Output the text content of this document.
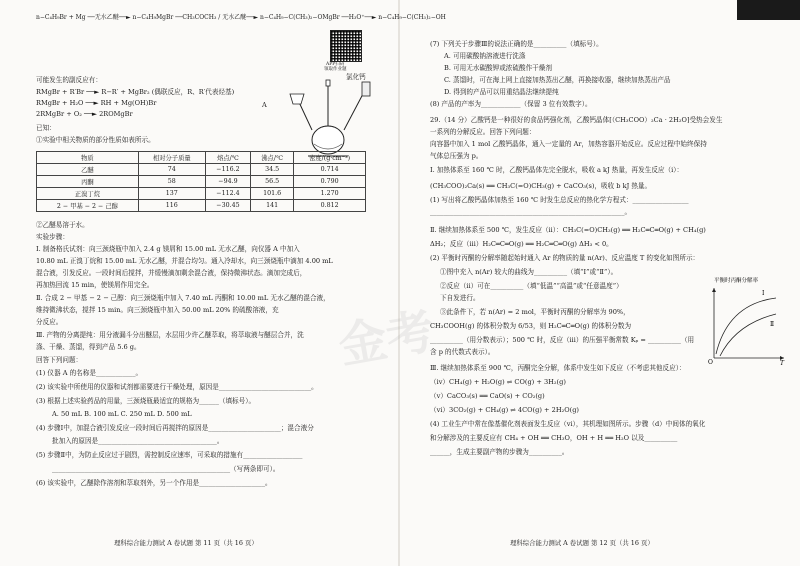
n−C₄H₉Br + Mg ──无水乙醚──► n−C₄H₉MgBr ──CH₃COCH₃ / 无水乙醚──► n−C₄H₉−C(CH₃)₂−OMgBr ──H₃O⁺──► n−C₄H₉−C(CH₃)₂−OH
APP扫码
领取作业题
A
氯化钙
可能发生的副反应有：
RMgBr + R′Br ──► R−R′ + MgBr₂ (偶联反应，R、R′代表烃基)
RMgBr + H₂O ──► RH + Mg(OH)Br
2RMgBr + O₂ ──► 2ROMgBr
已知：
①实验中相关物质的部分性质如表所示。
物质	相对分子质量	熔点/℃	沸点/℃	密度/(g·cm⁻³)
乙醚	74	−116.2	34.5	0.714
丙酮	58	−94.9	56.5	0.790
正溴丁烷	137	−112.4	101.6	1.270
2 − 甲基 − 2 − 己醇	116	−30.45	141	0.812
②乙醚易溶于水。
实验步骤：
Ⅰ. 制备格氏试剂：向三颈烧瓶中加入 2.4 g 镁屑和 15.00 mL 无水乙醚，向仪器 A 中加入
10.80 mL 正溴丁烷和 15.00 mL 无水乙醚，并混合均匀。通入冷却水，向三颈烧瓶中滴加 4.00 mL
混合液，引发反应。一段时间后搅拌，并缓慢滴加剩余混合液，保持微沸状态。滴加完成后，
再加热回流 15 min，使镁屑作用完全。
Ⅱ. 合成 2 − 甲基 − 2 − 己醇：向三颈烧瓶中加入 7.40 mL 丙酮和 10.00 mL 无水乙醚的混合液，
维持微沸状态，搅拌 15 min。向三颈烧瓶中加入 50.00 mL 20% 的硫酸溶液，充
分反应。
Ⅲ. 产物的分离提纯：用分液漏斗分出醚层，水层用少许乙醚萃取，将萃取液与醚层合并，洗
涤、干燥、蒸馏，得到产品 5.6 g。
回答下列问题：
(1) 仪器 A 的名称是____________。
(2) 该实验中所使用的仪器和试剂都需要进行干燥处理，原因是____________________________。
(3) 根据上述实验药品的用量，三颈烧瓶最适宜的规格为______（填标号）。
A. 50 mL B. 100 mL C. 250 mL D. 500 mL
(4) 步骤Ⅰ中，加混合液引发反应一段时间后再搅拌的原因是______________________；混合液分
批加入的原因是____________________________________。
(5) 步骤Ⅱ中，为防止反应过于剧烈，需控制反应速率，可采取的措施有__________________
______________________________________________________（写两条即可）。
(6) 该实验中，乙醚除作溶剂和萃取剂外，另一个作用是____________________。
理科综合能力测试 A 卷试题 第 11 页（共 16 页）
(7) 下列关于步骤Ⅲ的说法正确的是__________（填标号）。
A. 可用碳酸钠溶液进行洗涤
B. 可用无水碳酸钾或浓硫酸作干燥剂
C. 蒸馏时，可在海上网上直接加热蒸出乙醚，再换接收器，继续加热蒸出产品
D. 得到的产品可以用重结晶法继续提纯
(8) 产品的产率为____________（保留 3 位有效数字）。
29.（14 分）乙酸钙是一种很好的食品钙强化剂，乙酸钙晶体[（CH₃COO）₂Ca · 2H₂O]受热会发生
一系列的分解反应。回答下列问题：
向容器中加入 1 mol 乙酸钙晶体，通入一定量的 Ar，加热容器开始反应。反应过程中始终保持
气体总压强为 p。
Ⅰ. 加热体系至 160 ℃ 时，乙酸钙晶体先完全脱水，吸收 a kJ 热量，再发生反应（ⅰ）：
(CH₃COO)₂Ca(s) ══ CH₃C(=O)CH₃(g) + CaCO₃(s)，吸收 b kJ 热量。
(1) 写出将乙酸钙晶体加热至 160 ℃ 时发生总反应的热化学方程式：_________________
___________________________________________________________。
Ⅱ. 继续加热体系至 500 ℃，发生反应（ⅱ）：CH₃C(=O)CH₃(g) ══ H₂C═C═O(g) + CH₄(g)
ΔH₂；反应（ⅲ）H₂C═C═O(g) ══ H₂C═C═O(g) ΔH₃ < 0。
(2) 平衡时丙酮的分解率随起始时通入 Ar 的物质的量 n(Ar)、反应温度 T 的变化如图所示：
①图中充入 n(Ar) 较大的曲线为__________（填“Ⅰ”或“Ⅱ”）。
②反应（ⅱ）可在__________（填“低温”“高温”或“任意温度”）
下自发进行。
③此条件下，若 n(Ar) = 2 mol，平衡时丙酮的分解率为 90%，
CH₃COOH(g) 的体积分数为 6/53，则 H₂C═C═O(g) 的体积分数为
__________（用分数表示）；500 ℃ 时，反应（ⅲ）的压强平衡常数 Kₚ = __________（用
含 p 的代数式表示）。
Ⅲ. 继续加热体系至 900 ℃，丙酮完全分解，体系中发生如下反应（不考虑其他反应）：
（ⅳ）CH₄(g) + H₂O(g) ⇌ CO(g) + 3H₂(g)
（ⅴ）CaCO₃(s) ══ CaO(s) + CO₂(g)
（ⅵ）3CO₂(g) + CH₄(g) ⇌ 4CO(g) + 2H₂O(g)
(4) 工业生产中常在像基催化剂表面发生反应（ⅵ），其机理如图所示。步骤（d）中间体的氧化
和分解涉及的主要反应有 CH₄ + OH ══ CH₃O，OH + H ══ H₂O 以及__________
______，生成主要副产物的步骤为__________。
平衡时丙酮分解率
Ⅰ
Ⅱ
O	T
理科综合能力测试 A 卷试题 第 12 页（共 16 页）
金考
